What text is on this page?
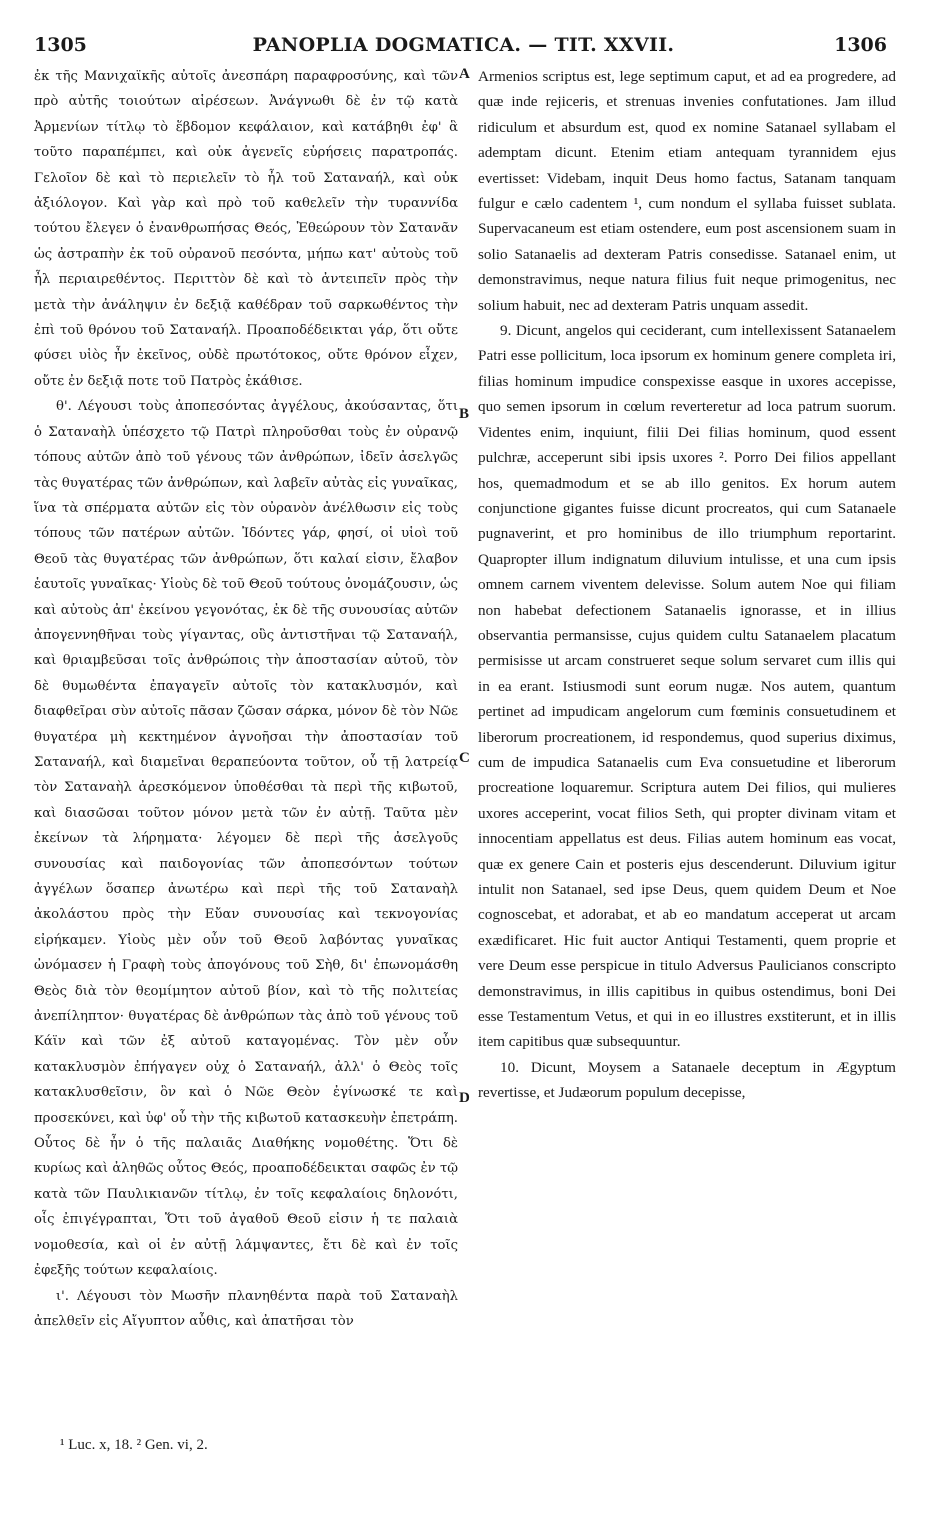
1305	PANOPLIA DOGMATICA. — TIT. XXVII.	1306

ἐκ τῆς Μανιχαϊκῆς αὐτοῖς ἀνεσπάρη παραφροσύνης, καὶ τῶν πρὸ αὐτῆς τοιούτων αἱρέσεων. Ἀνάγνωθι δὲ ἐν τῷ κατὰ Ἀρμενίων τίτλῳ τὸ ἕβδομον κεφάλαιον, καὶ κατάβηθι ἐφ' ἃ τοῦτο παραπέμπει, καὶ οὐκ ἀγενεῖς εὑρήσεις παρατροπάς. Γελοῖον δὲ καὶ τὸ περιελεῖν τὸ ἦλ τοῦ Σαταναήλ, καὶ οὐκ ἀξιόλογον. Καὶ γὰρ καὶ πρὸ τοῦ καθελεῖν τὴν τυραννίδα τούτου ἔλεγεν ὁ ἐνανθρωπήσας Θεός, Ἐθεώρουν τὸν Σατανᾶν ὡς ἀστραπὴν ἐκ τοῦ οὐρανοῦ πεσόντα, μήπω κατ' αὐτοὺς τοῦ ἦλ περιαιρεθέντος. Περιττὸν δὲ καὶ τὸ ἀντειπεῖν πρὸς τὴν μετὰ τὴν ἀνάληψιν ἐν δεξιᾷ καθέδραν τοῦ σαρκωθέντος τὴν ἐπὶ τοῦ θρόνου τοῦ Σαταναήλ. Προαποδέδεικται γάρ, ὅτι οὔτε φύσει υἱὸς ἦν ἐκεῖνος, οὐδὲ πρωτότοκος, οὔτε θρόνον εἶχεν, οὔτε ἐν δεξιᾷ ποτε τοῦ Πατρὸς ἐκάθισε.

θ'. Λέγουσι τοὺς ἀποπεσόντας ἀγγέλους, ἀκούσαντας, ὅτι ὁ Σαταναὴλ ὑπέσχετο τῷ Πατρὶ πληροῦσθαι τοὺς ἐν οὐρανῷ τόπους αὐτῶν ἀπὸ τοῦ γένους τῶν ἀνθρώπων, ἰδεῖν ἀσελγῶς τὰς θυγατέρας τῶν ἀνθρώπων, καὶ λαβεῖν αὐτὰς εἰς γυναῖκας, ἵνα τὰ σπέρματα αὐτῶν εἰς τὸν οὐρανὸν ἀνέλθωσιν εἰς τοὺς τόπους τῶν πατέρων αὐτῶν. Ἰδόντες γάρ, φησί, οἱ υἱοὶ τοῦ Θεοῦ τὰς θυγατέρας τῶν ἀνθρώπων, ὅτι καλαί εἰσιν, ἔλαβον ἑαυτοῖς γυναῖκας· Υἱοὺς δὲ τοῦ Θεοῦ τούτους ὀνομάζουσιν, ὡς καὶ αὐτοὺς ἀπ' ἐκείνου γεγονότας, ἐκ δὲ τῆς συνουσίας αὐτῶν ἀπογεννηθῆναι τοὺς γίγαντας, οὓς ἀντιστῆναι τῷ Σαταναήλ, καὶ θριαμβεῦσαι τοῖς ἀνθρώποις τὴν ἀποστασίαν αὐτοῦ, τὸν δὲ θυμωθέντα ἐπαγαγεῖν αὐτοῖς τὸν κατακλυσμόν, καὶ διαφθεῖραι σὺν αὐτοῖς πᾶσαν ζῶσαν σάρκα, μόνον δὲ τὸν Νῶε θυγατέρα μὴ κεκτημένον ἀγνοῆσαι τὴν ἀποστασίαν τοῦ Σαταναήλ, καὶ διαμεῖναι θεραπεύοντα τοῦτον, οὗ τῇ λατρείᾳ τὸν Σαταναὴλ ἀρεσκόμενον ὑποθέσθαι τὰ περὶ τῆς κιβωτοῦ, καὶ διασῶσαι τοῦτον μόνον μετὰ τῶν ἐν αὐτῇ. Ταῦτα μὲν ἐκείνων τὰ λήρηματα· λέγομεν δὲ περὶ τῆς ἀσελγοῦς συνουσίας καὶ παιδογονίας τῶν ἀποπεσόντων τούτων ἀγγέλων ὅσαπερ ἀνωτέρω καὶ περὶ τῆς τοῦ Σαταναὴλ ἀκολάστου πρὸς τὴν Εὔαν συνουσίας καὶ τεκνογονίας εἰρήκαμεν. Υἱοὺς μὲν οὖν τοῦ Θεοῦ λαβόντας γυναῖκας ὠνόμασεν ἡ Γραφὴ τοὺς ἀπογόνους τοῦ Σὴθ, δι' ἐπωνομάσθη Θεὸς διὰ τὸν θεομίμητον αὐτοῦ βίον, καὶ τὸ τῆς πολιτείας ἀνεπίληπτον· θυγατέρας δὲ ἀνθρώπων τὰς ἀπὸ τοῦ γένους τοῦ Κάϊν καὶ τῶν ἐξ αὐτοῦ καταγομένας. Τὸν μὲν οὖν κατακλυσμὸν ἐπήγαγεν οὐχ ὁ Σαταναήλ, ἀλλ' ὁ Θεὸς τοῖς κατακλυσθεῖσιν, ὃν καὶ ὁ Νῶε Θεὸν ἐγίνωσκέ τε καὶ προσεκύνει, καὶ ὑφ' οὗ τὴν τῆς κιβωτοῦ κατασκευὴν ἐπετράπη. Οὗτος δὲ ἦν ὁ τῆς παλαιᾶς Διαθήκης νομοθέτης. Ὅτι δὲ κυρίως καὶ ἀληθῶς οὗτος Θεός, προαποδέδεικται σαφῶς ἐν τῷ κατὰ τῶν Παυλικιανῶν τίτλῳ, ἐν τοῖς κεφαλαίοις δηλονότι, οἷς ἐπιγέγραπται, Ὅτι τοῦ ἀγαθοῦ Θεοῦ εἰσιν ἡ τε παλαιὰ νομοθεσία, καὶ οἱ ἐν αὐτῇ λάμψαντες, ἔτι δὲ καὶ ἐν τοῖς ἐφεξῆς τούτων κεφαλαίοις.

ι'. Λέγουσι τὸν Μωσῆν πλανηθέντα παρὰ τοῦ Σαταναὴλ ἀπελθεῖν εἰς Αἴγυπτον αὖθις, καὶ ἀπατῆσαι τὸν

Armenios scriptus est, lege septimum caput, et ad ea progredere, ad quæ inde rejiceris, et strenuas invenies confutationes. Jam illud ridiculum et absurdum est, quod ex nomine Satanael syllabam el ademptam dicunt. Etenim etiam antequam tyrannidem ejus evertisset: Videbam, inquit Deus homo factus, Satanam tanquam fulgur e cælo cadentem ¹, cum nondum el syllaba fuisset sublata. Supervacaneum est etiam ostendere, eum post ascensionem suam in solio Satanaelis ad dexteram Patris consedisse. Satanael enim, ut demonstravimus, neque natura filius fuit neque primogenitus, nec solium habuit, nec ad dexteram Patris unquam assedit.

9. Dicunt, angelos qui ceciderant, cum intellexissent Satanaelem Patri esse pollicitum, loca ipsorum ex hominum genere completa iri, filias hominum impudice conspexisse easque in uxores accepisse, quo semen ipsorum in cœlum reverteretur ad loca patrum suorum. Videntes enim, inquiunt, filii Dei filias hominum, quod essent pulchræ, acceperunt sibi ipsis uxores ². Porro Dei filios appellant hos, quemadmodum et se ab illo genitos. Ex horum autem conjunctione gigantes fuisse dicunt procreatos, qui cum Satanaele pugnaverint, et pro hominibus de illo triumphum reportarint. Quapropter illum indignatum diluvium intulisse, et una cum ipsis omnem carnem viventem delevisse. Solum autem Noe qui filiam non habebat defectionem Satanaelis ignorasse, et in illius observantia permansisse, cujus quidem cultu Satanaelem placatum permisisse ut arcam construeret seque solum servaret cum illis qui in ea erant. Istiusmodi sunt eorum nugæ. Nos autem, quantum pertinet ad impudicam angelorum cum fœminis consuetudinem et liberorum procreationem, id respondemus, quod superius diximus, cum de impudica Satanaelis cum Eva consuetudine et liberorum procreatione loquaremur. Scriptura autem Dei filios, qui mulieres uxores acceperint, vocat filios Seth, qui propter divinam vitam et innocentiam appellatus est deus. Filias autem hominum eas vocat, quæ ex genere Cain et posteris ejus descenderunt. Diluvium igitur intulit non Satanael, sed ipse Deus, quem quidem Deum et Noe cognoscebat, et adorabat, et ab eo mandatum acceperat ut arcam exædificaret. Hic fuit auctor Antiqui Testamenti, quem proprie et vere Deum esse perspicue in titulo Adversus Paulicianos conscripto demonstravimus, in illis capitibus in quibus ostendimus, boni Dei esse Testamentum Vetus, et qui in eo illustres exstiterunt, et in illis item capitibus quæ subsequuntur.

10. Dicunt, Moysem a Satanaele deceptum in Ægyptum revertisse, et Judæorum populum decepisse,

A
B
C
D
¹ Luc. x, 18. ² Gen. vi, 2.
